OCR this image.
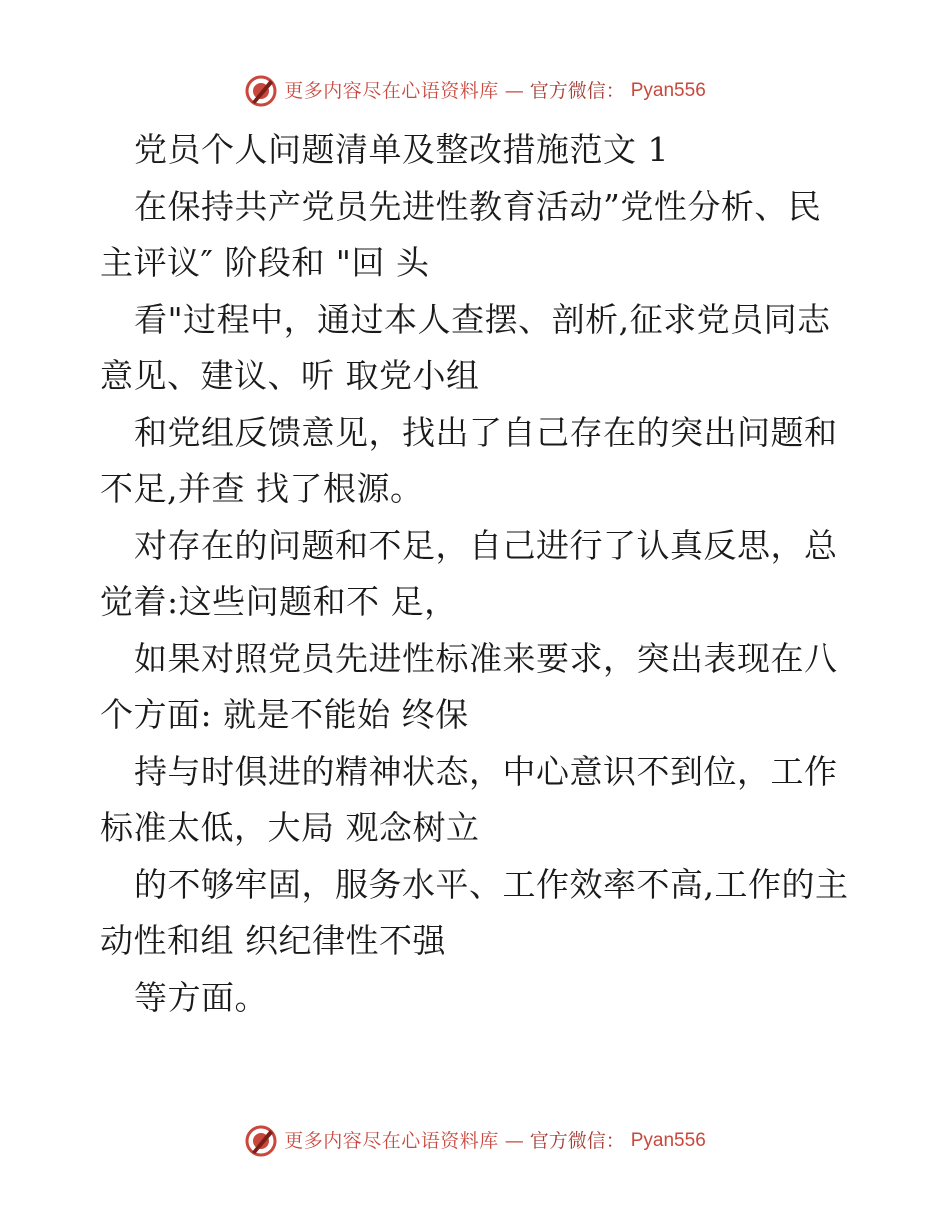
更多内容尽在心语资料库 — 官方微信： Pyan556

党员个人问题清单及整改措施范文 1

在保持共产党员先进性教育活动”党性分析、民主评议″ 阶段和 "回 头

看"过程中，通过本人查摆、剖析,征求党员同志意见、建议、听 取党小组

和党组反馈意见，找出了自己存在的突出问题和不足,并查 找了根源。

对存在的问题和不足，自己进行了认真反思，总觉着:这些问题和不 足，

如果对照党员先进性标准来要求，突出表现在八个方面: 就是不能始 终保

持与时俱进的精神状态，中心意识不到位，工作标准太低，大局 观念树立

的不够牢固，服务水平、工作效率不高,工作的主动性和组 织纪律性不强

等方面。

更多内容尽在心语资料库 — 官方微信： Pyan556
